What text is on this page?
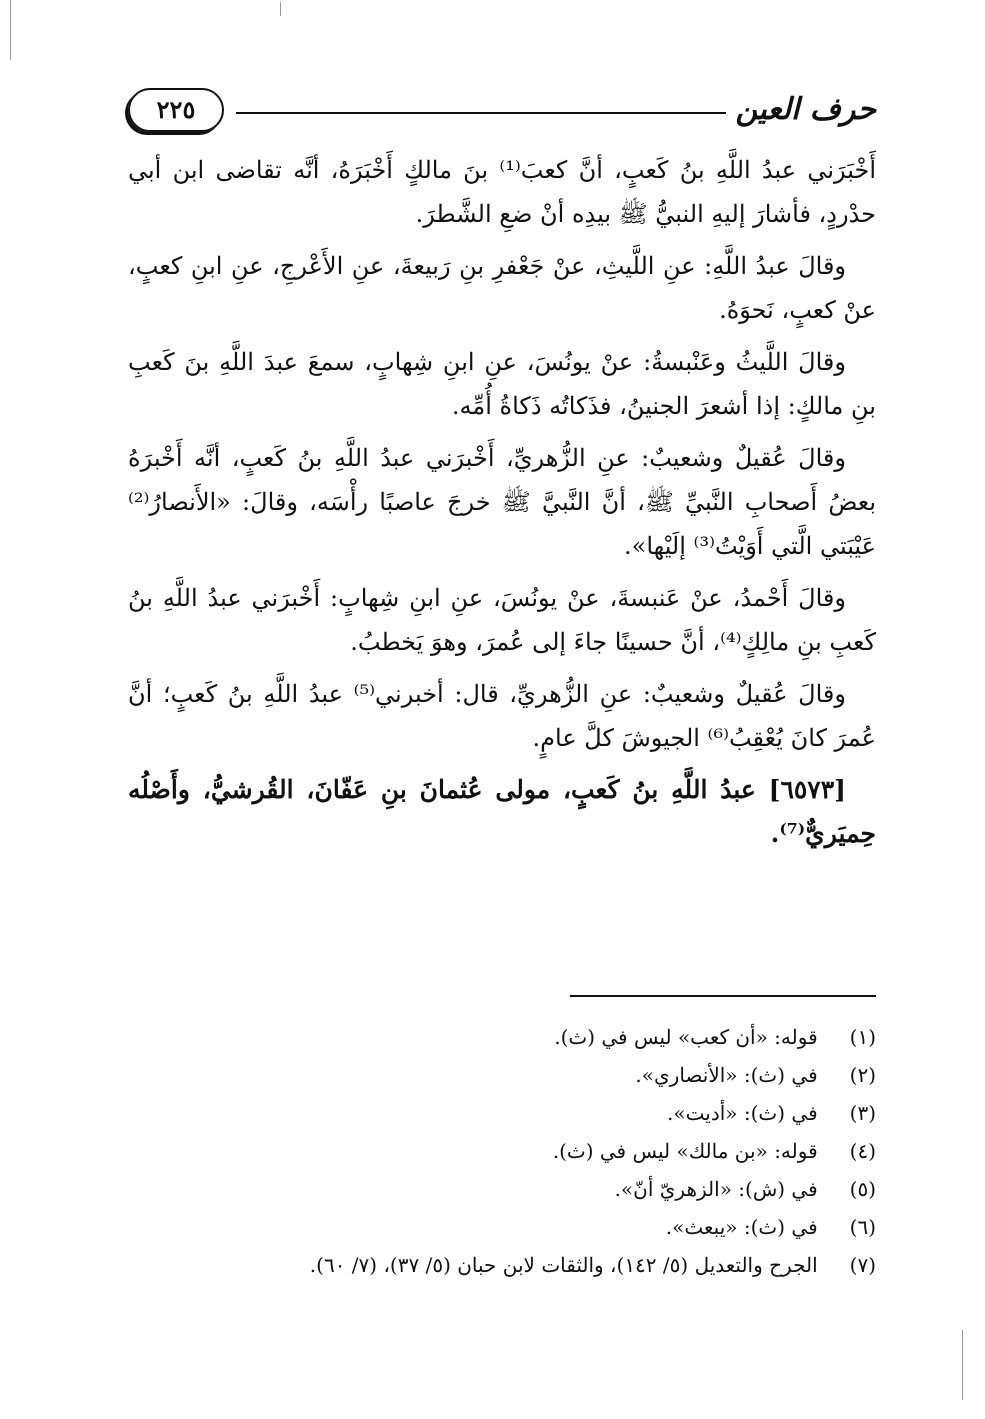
حرف العين
٢٢٥

أَخْبَرَني عبدُ اللَّهِ بنُ كَعبٍ، أنَّ كعبَ⁽¹⁾ بنَ مالكٍ أَخْبَرَهُ، أنَّه تقاضى ابن أبي حدْردٍ، فأشارَ إليهِ النبيُّ ﷺ بيدِه أنْ ضعِ الشَّطرَ.

وقالَ عبدُ اللَّهِ: عنِ اللَّيثِ، عنْ جَعْفرِ بنِ رَبيعةَ، عنِ الأَعْرجِ، عنِ ابنِ كعبٍ، عنْ كعبٍ، نَحوَهُ.

وقالَ اللَّيثُ وعَنْبسةُ: عنْ يونُسَ، عنِ ابنِ شِهابٍ، سمعَ عبدَ اللَّهِ بنَ كَعبِ بنِ مالكٍ: إذا أشعرَ الجنينُ، فذَكاتُه ذَكاةُ أُمِّه.

وقالَ عُقيلٌ وشعيبٌ: عنِ الزُّهريِّ، أَخْبرَني عبدُ اللَّهِ بنُ كَعبٍ، أنَّه أَخْبرَهُ بعضُ أَصحابِ النَّبيِّ ﷺ، أنَّ النَّبيَّ ﷺ خرجَ عاصبًا رأْسَه، وقالَ: «الأَنصارُ⁽²⁾ عَيْبَتي الَّتي أَوَيْتُ⁽³⁾ إلَيْها».

وقالَ أَحْمدُ، عنْ عَنبسةَ، عنْ يونُسَ، عنِ ابنِ شِهابٍ: أَخْبرَني عبدُ اللَّهِ بنُ كَعبِ بنِ مالِكٍ⁽⁴⁾، أنَّ حسينًا جاءَ إلى عُمرَ، وهوَ يَخطبُ.

وقالَ عُقيلٌ وشعيبٌ: عنِ الزُّهريِّ، قال: أخبرني⁽⁵⁾ عبدُ اللَّهِ بنُ كَعبٍ؛ أنَّ عُمرَ كانَ يُعْقِبُ⁽⁶⁾ الجيوشَ كلَّ عامٍ.

[٦٥٧٣] عبدُ اللَّهِ بنُ كَعبٍ، مولى عُثمانَ بنِ عَفّانَ، القُرشيُّ، وأَصْلُه حِميَريٌّ⁽⁷⁾.

(١) قوله: «أن كعب» ليس في (ث).
(٢) في (ث): «الأنصاري».
(٣) في (ث): «أديت».
(٤) قوله: «بن مالك» ليس في (ث).
(٥) في (ش): «الزهريّ أنّ».
(٦) في (ث): «يبعث».
(٧) الجرح والتعديل (٥/ ١٤٢)، والثقات لابن حبان (٥/ ٣٧)، (٧/ ٦٠).
